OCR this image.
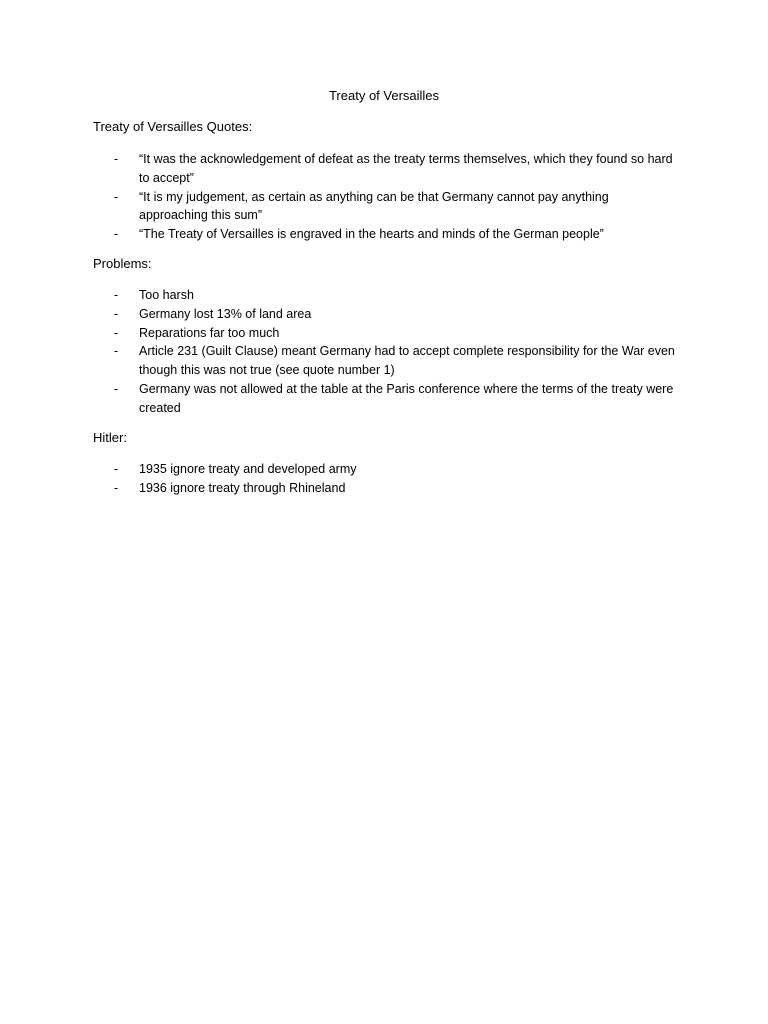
Treaty of Versailles
Treaty of Versailles Quotes:
- “It was the acknowledgement of defeat as the treaty terms themselves, which they found so hard to accept”
- “It is my judgement, as certain as anything can be that Germany cannot pay anything approaching this sum”
- “The Treaty of Versailles is engraved in the hearts and minds of the German people”
Problems:
- Too harsh
- Germany lost 13% of land area
- Reparations far too much
- Article 231 (Guilt Clause) meant Germany had to accept complete responsibility for the War even though this was not true (see quote number 1)
- Germany was not allowed at the table at the Paris conference where the terms of the treaty were created
Hitler:
- 1935 ignore treaty and developed army
- 1936 ignore treaty through Rhineland
